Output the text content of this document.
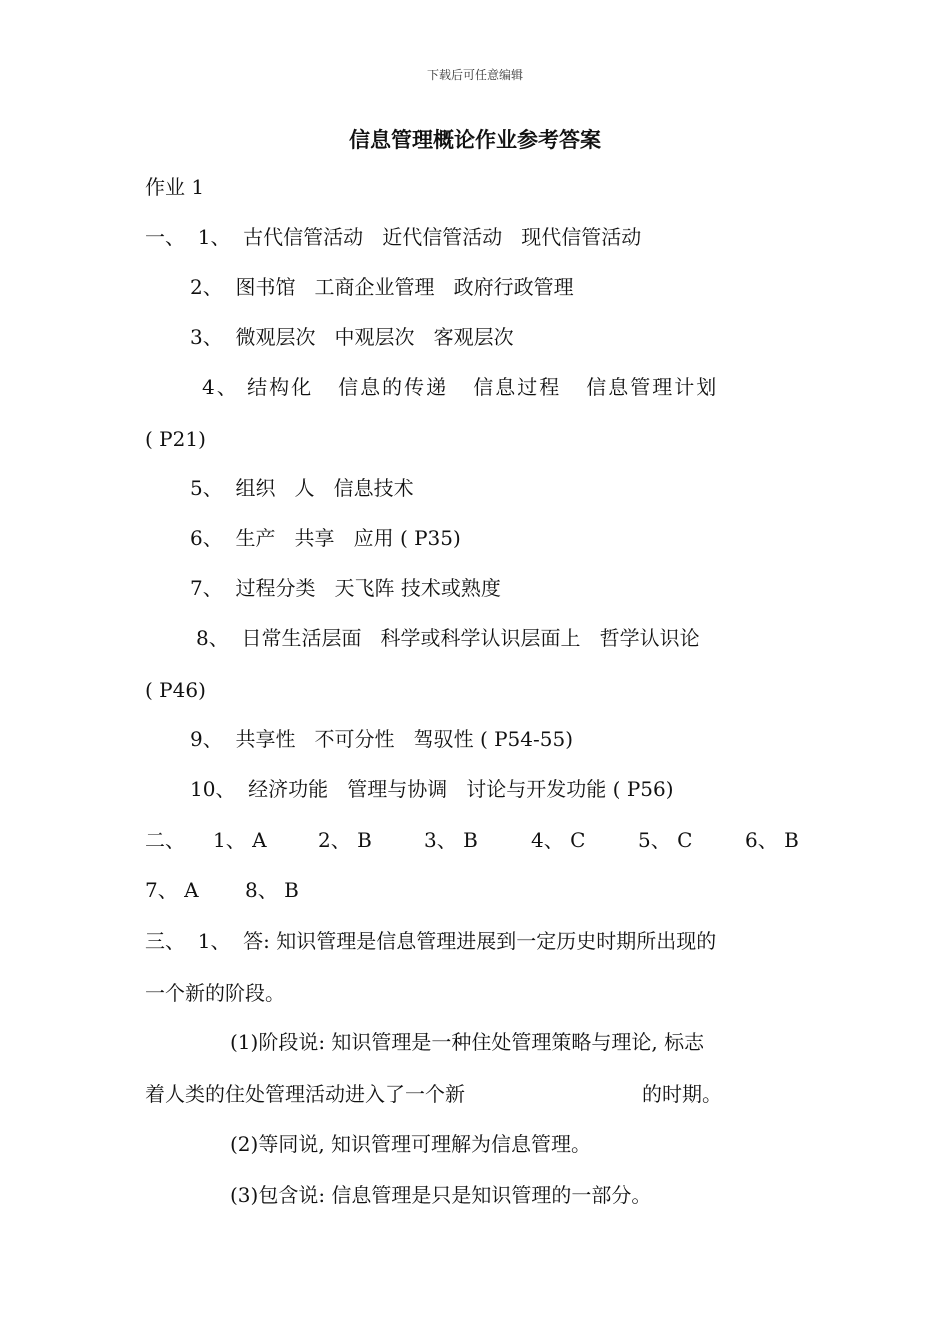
下载后可任意编辑
信息管理概论作业参考答案
作业 1
一、  1、  古代信管活动   近代信管活动   现代信管活动
2、  图书馆   工商企业管理   政府行政管理
3、  微观层次   中观层次   客观层次
4、 结构化   信息的传递   信息过程   信息管理计划
( P21)
5、  组织   人   信息技术
6、  生产   共享   应用 ( P35)
7、  过程分类   天飞阵 技术或熟度
8、  日常生活层面   科学或科学认识层面上   哲学认识论
( P46)
9、  共享性   不可分性   驾驭性 ( P54-55)
10、  经济功能   管理与协调   讨论与开发功能 ( P56)
二、 1、 A	2、 B	3、 B	4、 C	5、 C	6、 B
7、 A 8、 B
三、  1、  答: 知识管理是信息管理进展到一定历史时期所出现的
一个新的阶段。
(1)阶段说: 知识管理是一种住处管理策略与理论, 标志
着人类的住处管理活动进入了一个新	的时期。
(2)等同说, 知识管理可理解为信息管理。
(3)包含说: 信息管理是只是知识管理的一部分。
